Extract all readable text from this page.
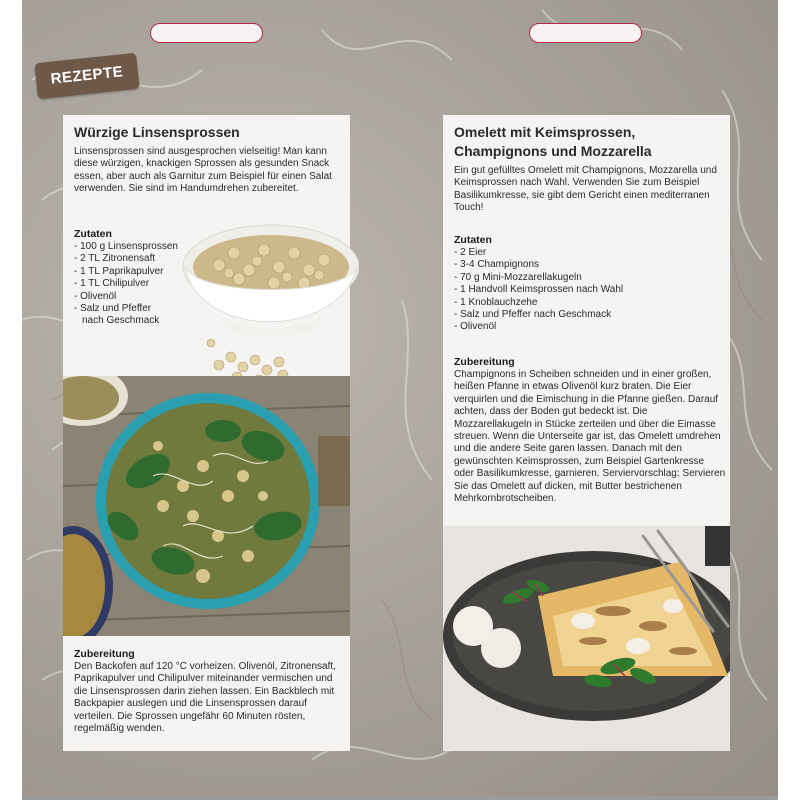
REZEPTE
Würzige Linsensprossen
Linsensprossen sind ausgesprochen vielseitig! Man kann diese würzigen, knackigen Sprossen als gesunden Snack essen, aber auch als Garnitur zum Beispiel für einen Salat verwenden. Sie sind im Handumdrehen zubereitet.
Zutaten
- 100 g Linsensprossen
- 2 TL Zitronensaft
- 1 TL Paprikapulver
- 1 TL Chilipulver
- Olivenöl
- Salz und Pfeffer
nach Geschmack
Zubereitung
Den Backofen auf 120 °C vorheizen. Olivenöl, Zitronensaft, Paprikapulver und Chilipulver miteinander vermischen und die Linsensprossen darin ziehen lassen. Ein Backblech mit Backpapier auslegen und die Linsensprossen darauf verteilen. Die Sprossen ungefähr 60 Minuten rösten, regelmäßig wenden.
Omelett mit Keimsprossen,
Champignons und Mozzarella
Ein gut gefülltes Omelett mit Champignons, Mozzarella und Keimsprossen nach Wahl. Verwenden Sie zum Beispiel Basilikumkresse, sie gibt dem Gericht einen mediterranen Touch!
Zutaten
- 2 Eier
- 3-4 Champignons
- 70 g Mini-Mozzarellakugeln
- 1 Handvoll Keimsprossen nach Wahl
- 1 Knoblauchzehe
- Salz und Pfeffer nach Geschmack
- Olivenöl
Zubereitung
Champignons in Scheiben schneiden und in einer großen, heißen Pfanne in etwas Olivenöl kurz braten. Die Eier verquirlen und die Eimischung in die Pfanne gießen. Darauf achten, dass der Boden gut bedeckt ist. Die Mozzarellakugeln in Stücke zerteilen und über die Eimasse streuen. Wenn die Unterseite gar ist, das Omelett umdrehen und die andere Seite garen lassen. Danach mit den gewünschten Keimsprossen, zum Beispiel Gartenkresse oder Basilikumkresse, garnieren. Serviervorschlag: Servieren Sie das Omelett auf dicken, mit Butter bestrichenen Mehrkornbrotscheiben.
